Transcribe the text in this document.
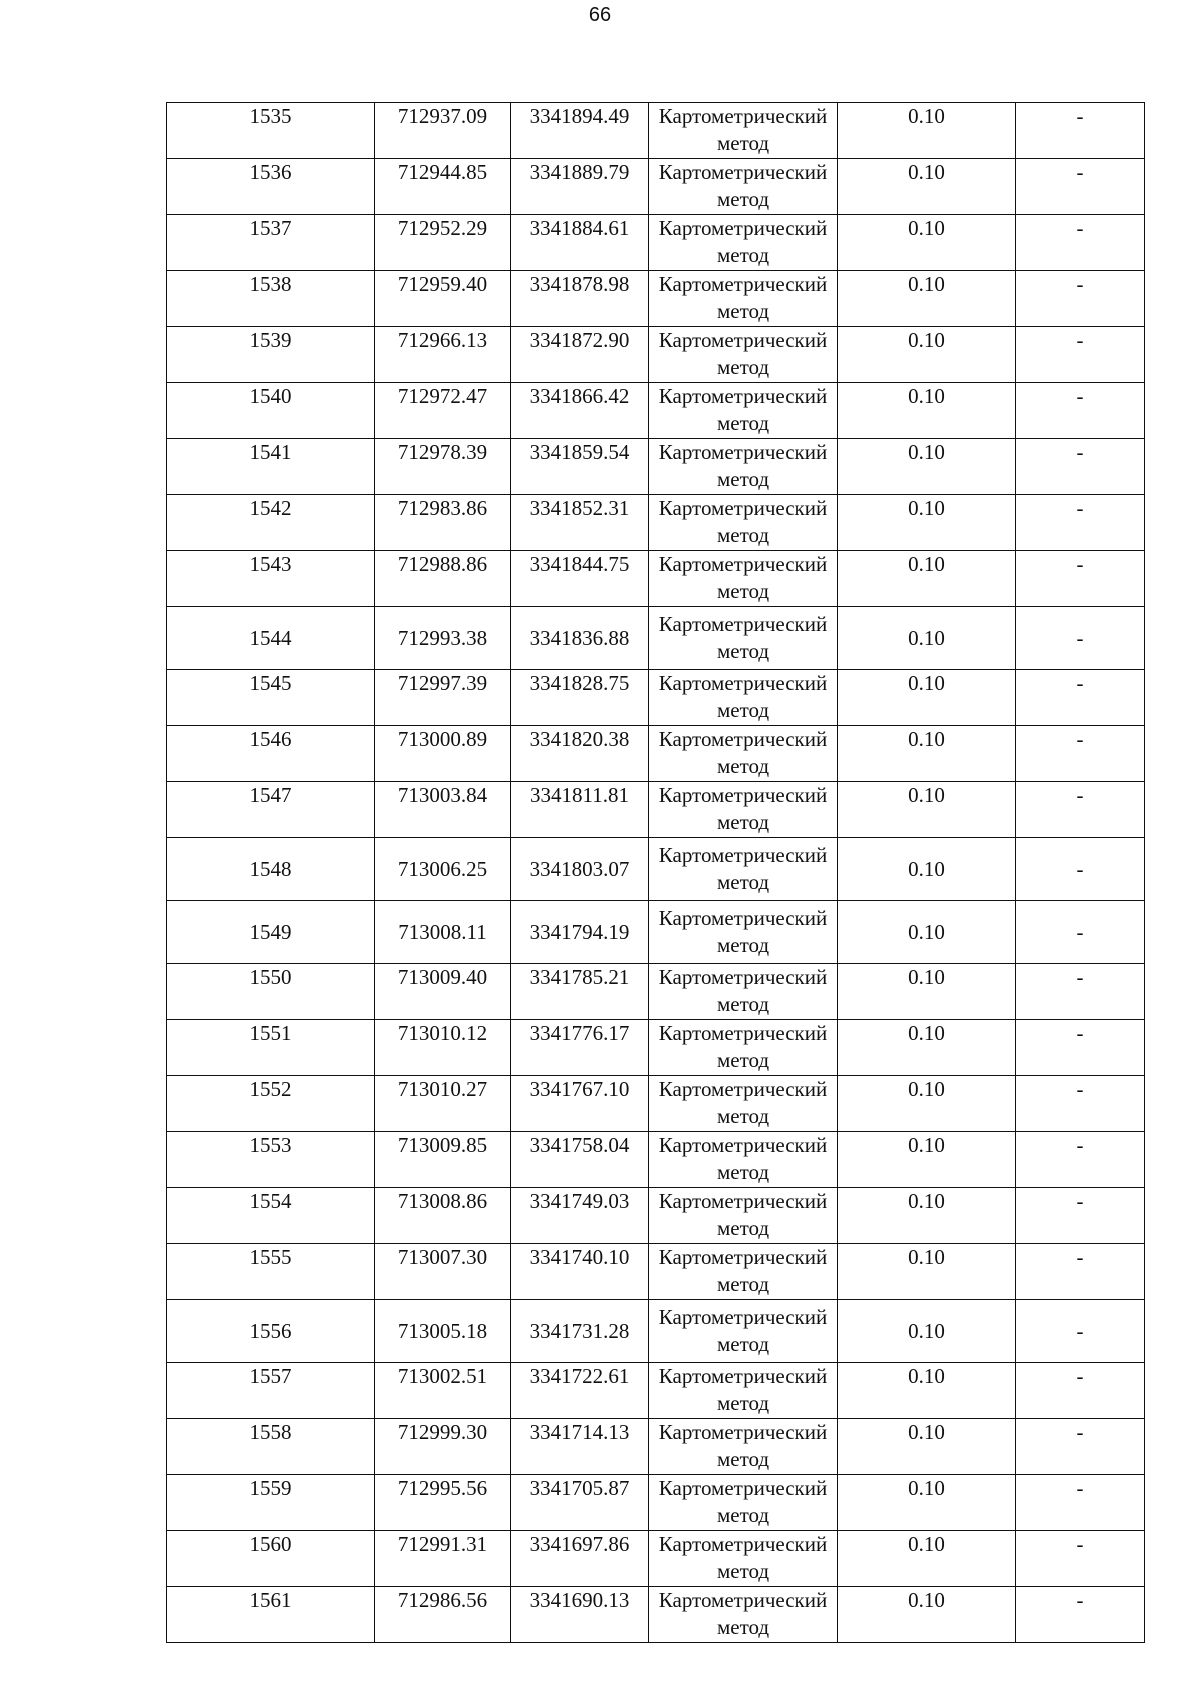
66
1535	712937.09	3341894.49	Картометрический метод	0.10	-
1536	712944.85	3341889.79	Картометрический метод	0.10	-
1537	712952.29	3341884.61	Картометрический метод	0.10	-
1538	712959.40	3341878.98	Картометрический метод	0.10	-
1539	712966.13	3341872.90	Картометрический метод	0.10	-
1540	712972.47	3341866.42	Картометрический метод	0.10	-
1541	712978.39	3341859.54	Картометрический метод	0.10	-
1542	712983.86	3341852.31	Картометрический метод	0.10	-
1543	712988.86	3341844.75	Картометрический метод	0.10	-
1544	712993.38	3341836.88	Картометрический метод	0.10	-
1545	712997.39	3341828.75	Картометрический метод	0.10	-
1546	713000.89	3341820.38	Картометрический метод	0.10	-
1547	713003.84	3341811.81	Картометрический метод	0.10	-
1548	713006.25	3341803.07	Картометрический метод	0.10	-
1549	713008.11	3341794.19	Картометрический метод	0.10	-
1550	713009.40	3341785.21	Картометрический метод	0.10	-
1551	713010.12	3341776.17	Картометрический метод	0.10	-
1552	713010.27	3341767.10	Картометрический метод	0.10	-
1553	713009.85	3341758.04	Картометрический метод	0.10	-
1554	713008.86	3341749.03	Картометрический метод	0.10	-
1555	713007.30	3341740.10	Картометрический метод	0.10	-
1556	713005.18	3341731.28	Картометрический метод	0.10	-
1557	713002.51	3341722.61	Картометрический метод	0.10	-
1558	712999.30	3341714.13	Картометрический метод	0.10	-
1559	712995.56	3341705.87	Картометрический метод	0.10	-
1560	712991.31	3341697.86	Картометрический метод	0.10	-
1561	712986.56	3341690.13	Картометрический метод	0.10	-
